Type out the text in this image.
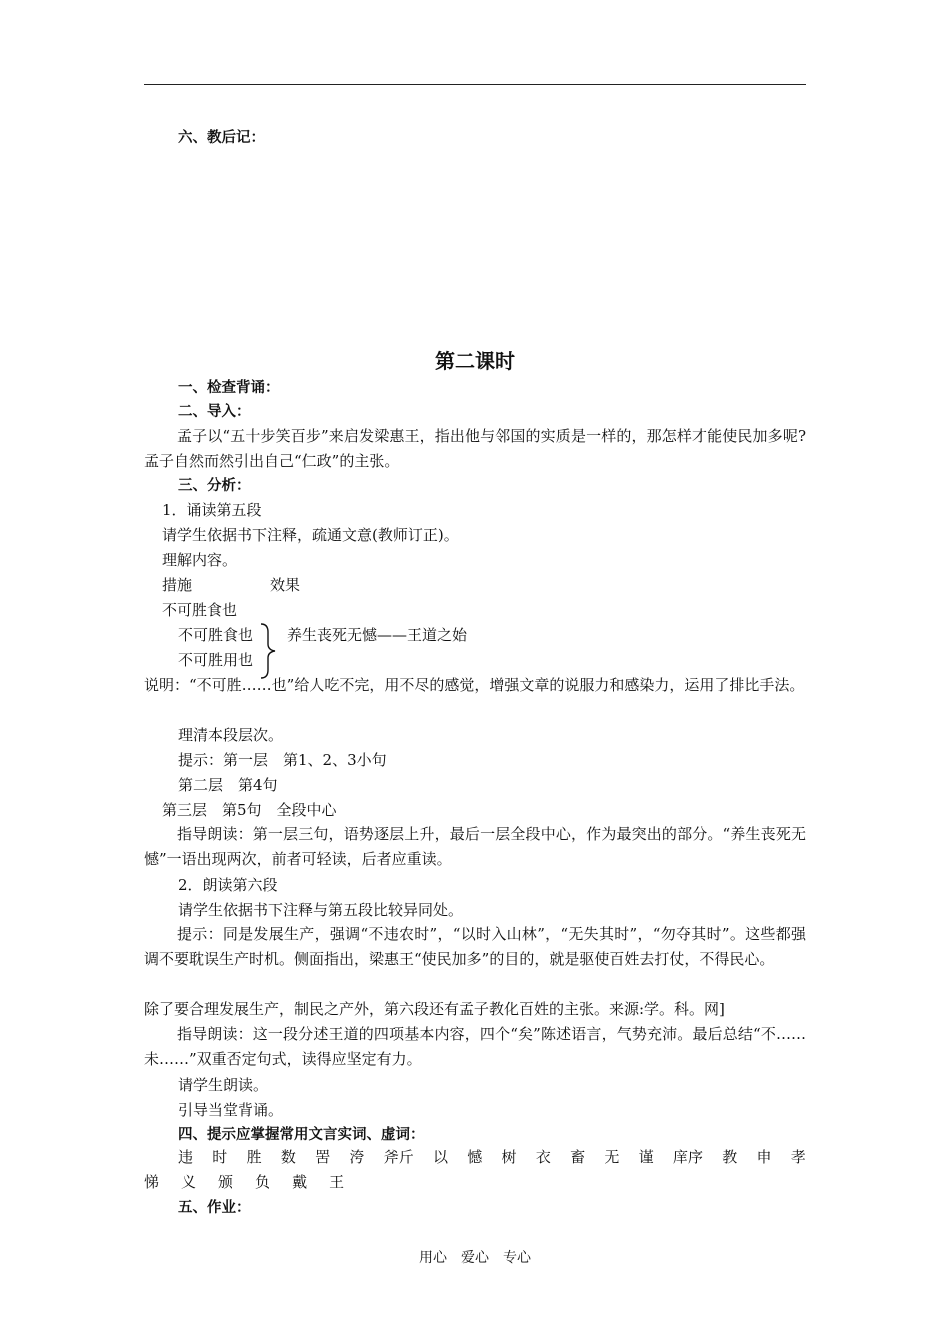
六、教后记：
第二课时
一、检查背诵：
二、导入：
孟子以“五十步笑百步”来启发梁惠王，指出他与邻国的实质是一样的，那怎样才能使民加多呢?孟子自然而然引出自己“仁政”的主张。
三、分析：
1．诵读第五段
请学生依据书下注释，疏通文意(教师订正)。
理解内容。
措施	效果
不可胜食也
不可胜食也
不可胜用也
养生丧死无憾——王道之始
说明：“不可胜……也”给人吃不完，用不尽的感觉，增强文章的说服力和感染力，运用了排比手法。
理清本段层次。
提示：第一层　第1、2、3小句
第二层　第4句
第三层　第5句　全段中心
指导朗读：第一层三句，语势逐层上升，最后一层全段中心，作为最突出的部分。“养生丧死无憾”一语出现两次，前者可轻读，后者应重读。
2．朗读第六段
请学生依据书下注释与第五段比较异同处。
提示：同是发展生产，强调“不违农时”，“以时入山林”，“无失其时”，“勿夺其时”。这些都强调不要耽误生产时机。侧面指出，梁惠王“使民加多”的目的，就是驱使百姓去打仗，不得民心。
除了要合理发展生产，制民之产外，第六段还有孟子教化百姓的主张。来源:学。科。网]
指导朗读：这一段分述王道的四项基本内容，四个“矣”陈述语言，气势充沛。最后总结“不……未……”双重否定句式，读得应坚定有力。
请学生朗读。
引导当堂背诵。
四、提示应掌握常用文言实词、虚词：
违 时 胜 数 罟 洿 斧斤 以 憾 树 衣 畜 无 谨 庠序 教 申 孝
悌 义 颁 负 戴 王
五、作业：
用心　爱心　专心
